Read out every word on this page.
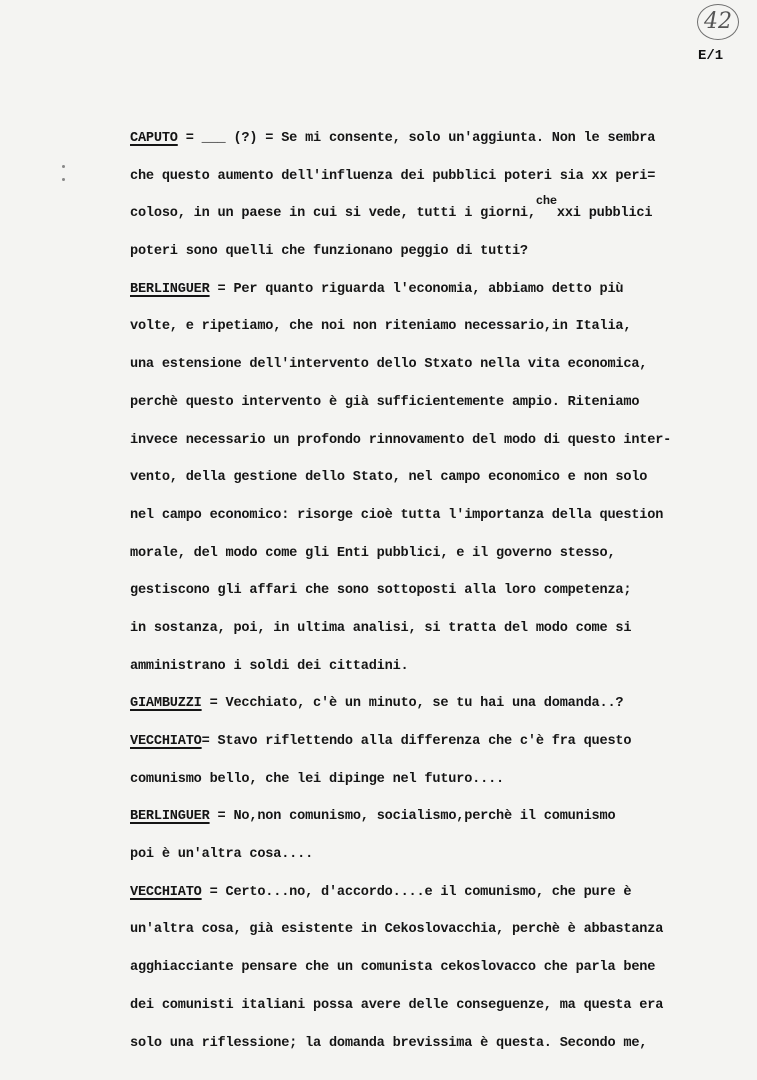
42
E/1
CAPUTO = ___ (?) = Se mi consente, solo un'aggiunta. Non le sembra
che questo aumento dell'influenza dei pubblici poteri sia xx peri=
coloso, in un paese in cui si vede, tutti i giorni,chexxi pubblici
poteri sono quelli che funzionano peggio di tutti?
BERLINGUER = Per quanto riguarda l'economia, abbiamo detto più
volte, e ripetiamo, che noi non riteniamo necessario,in Italia,
una estensione dell'intervento dello Stxato nella vita economica,
perchè questo intervento è già sufficientemente ampio. Riteniamo
invece necessario un profondo rinnovamento del modo di questo inter-
vento, della gestione dello Stato, nel campo economico e non solo
nel campo economico: risorge cioè tutta l'importanza della question
morale, del modo come gli Enti pubblici, e il governo stesso,
gestiscono gli affari che sono sottoposti alla loro competenza;
in sostanza, poi, in ultima analisi, si tratta del modo come si
amministrano i soldi dei cittadini.
GIAMBUZZI = Vecchiato, c'è un minuto, se tu hai una domanda..?
VECCHIATO= Stavo riflettendo alla differenza che c'è fra questo
comunismo bello, che lei dipinge nel futuro....
BERLINGUER = No,non comunismo, socialismo,perchè il comunismo
poi è un'altra cosa....
VECCHIATO = Certo...no, d'accordo....e il comunismo, che pure è
un'altra cosa, già esistente in Cekoslovacchia, perchè è abbastanza
agghiacciante pensare che un comunista cekoslovacco che parla bene
dei comunisti italiani possa avere delle conseguenze, ma questa era
solo una riflessione; la domanda brevissima è questa. Secondo me,
